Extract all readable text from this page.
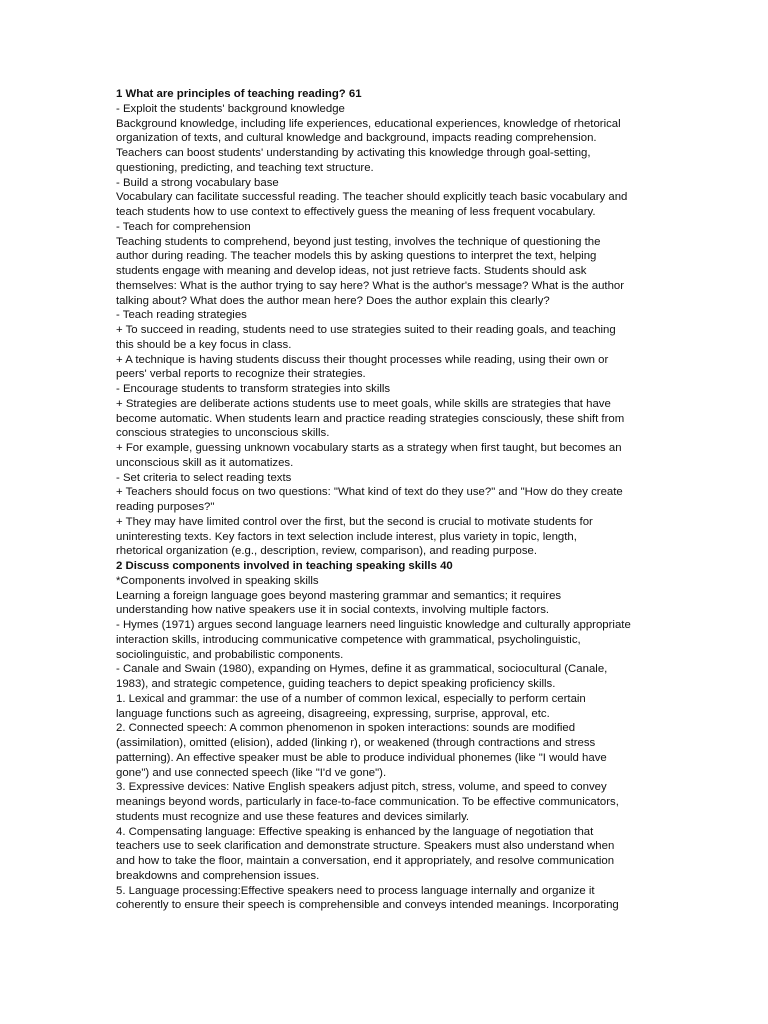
1 What are principles of teaching reading? 61
- Exploit the students' background knowledge
Background knowledge, including life experiences, educational experiences, knowledge of rhetorical
organization of texts, and cultural knowledge and background, impacts reading comprehension.
Teachers can boost students' understanding by activating this knowledge through goal-setting,
questioning, predicting, and teaching text structure.
- Build a strong vocabulary base
Vocabulary can facilitate successful reading. The teacher should explicitly teach basic vocabulary and
teach students how to use context to effectively guess the meaning of less frequent vocabulary.
- Teach for comprehension
Teaching students to comprehend, beyond just testing, involves the technique of questioning the
author during reading. The teacher models this by asking questions to interpret the text, helping
students engage with meaning and develop ideas, not just retrieve facts. Students should ask
themselves: What is the author trying to say here? What is the author's message? What is the author
talking about? What does the author mean here? Does the author explain this clearly?
- Teach reading strategies
+ To succeed in reading, students need to use strategies suited to their reading goals, and teaching
this should be a key focus in class.
+ A technique is having students discuss their thought processes while reading, using their own or
peers' verbal reports to recognize their strategies.
- Encourage students to transform strategies into skills
+ Strategies are deliberate actions students use to meet goals, while skills are strategies that have
become automatic. When students learn and practice reading strategies consciously, these shift from
conscious strategies to unconscious skills.
+ For example, guessing unknown vocabulary starts as a strategy when first taught, but becomes an
unconscious skill as it automatizes.
- Set criteria to select reading texts
+ Teachers should focus on two questions: "What kind of text do they use?" and "How do they create
reading purposes?"
+ They may have limited control over the first, but the second is crucial to motivate students for
uninteresting texts. Key factors in text selection include interest, plus variety in topic, length,
rhetorical organization (e.g., description, review, comparison), and reading purpose.
2 Discuss components involved in teaching speaking skills 40
*Components involved in speaking skills
Learning a foreign language goes beyond mastering grammar and semantics; it requires
understanding how native speakers use it in social contexts, involving multiple factors.
- Hymes (1971) argues second language learners need linguistic knowledge and culturally appropriate
interaction skills, introducing communicative competence with grammatical, psycholinguistic,
sociolinguistic, and probabilistic components.
- Canale and Swain (1980), expanding on Hymes, define it as grammatical, sociocultural (Canale,
1983), and strategic competence, guiding teachers to depict speaking proficiency skills.
1. Lexical and grammar: the use of a number of common lexical, especially to perform certain
language functions such as agreeing, disagreeing, expressing, surprise, approval, etc.
2. Connected speech: A common phenomenon in spoken interactions: sounds are modified
(assimilation), omitted (elision), added (linking r), or weakened (through contractions and stress
patterning). An effective speaker must be able to produce individual phonemes (like "I would have
gone") and use connected speech (like "I'd ve gone").
3. Expressive devices: Native English speakers adjust pitch, stress, volume, and speed to convey
meanings beyond words, particularly in face-to-face communication. To be effective communicators,
students must recognize and use these features and devices similarly.
4. Compensating language: Effective speaking is enhanced by the language of negotiation that
teachers use to seek clarification and demonstrate structure. Speakers must also understand when
and how to take the floor, maintain a conversation, end it appropriately, and resolve communication
breakdowns and comprehension issues.
5. Language processing:Effective speakers need to process language internally and organize it
coherently to ensure their speech is comprehensible and conveys intended meanings. Incorporating
